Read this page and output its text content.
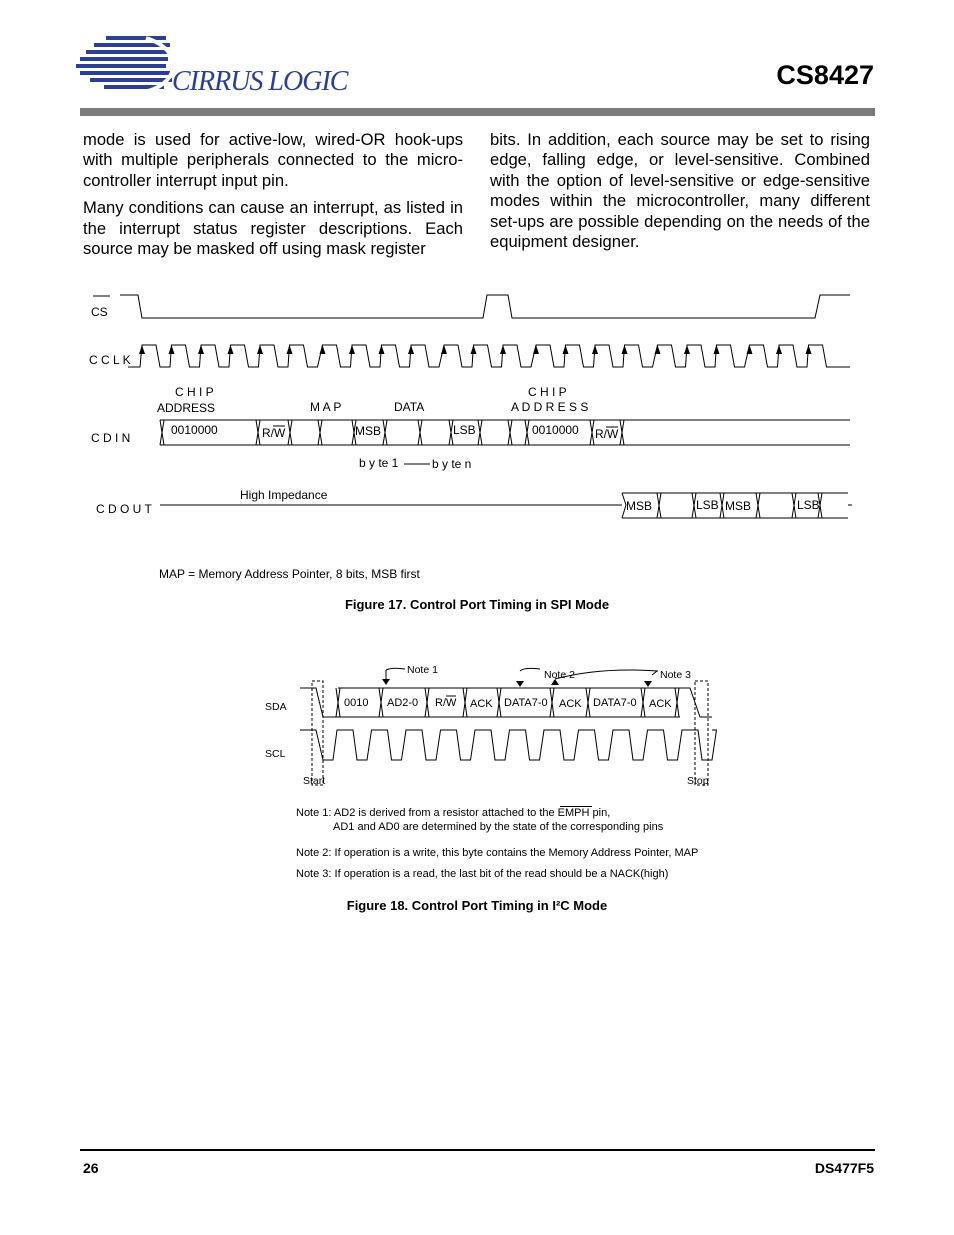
CIRRUS LOGIC	CS8427

mode is used for active-low, wired-OR hook-ups with multiple peripherals connected to the micro-controller interrupt input pin.

Many conditions can cause an interrupt, as listed in the interrupt status register descriptions. Each source may be masked off using mask register

bits. In addition, each source may be set to rising edge, falling edge, or level-sensitive. Combined with the option of level-sensitive or edge-sensitive modes within the microcontroller, many different set-ups are possible depending on the needs of the equipment designer.

CS
C C L K
C D I N
C D O U T
C H I P
ADDRESS	M A P	DATA
C H I P
A D D R E S S
0010000	R/W	MSB	LSB	0010000 R/W
b y te 1	b y te n
High Impedance
MSB	LSB MSB	LSB
MAP = Memory Address Pointer, 8 bits, MSB first
Figure 17. Control Port Timing in SPI Mode
Note 1	Note 2	Note 3
SDA
SCL
Start	Stop
0010 AD2-0 R/W ACK DATA7-0 ACK DATA7-0 ACK
Note 1: AD2 is derived from a resistor attached to the EMPH pin,
AD1 and AD0 are determined by the state of the corresponding pins
Note 2: If operation is a write, this byte contains the Memory Address Pointer, MAP
Note 3: If operation is a read, the last bit of the read should be a NACK(high)
Figure 18. Control Port Timing in I²C Mode
26	DS477F5
